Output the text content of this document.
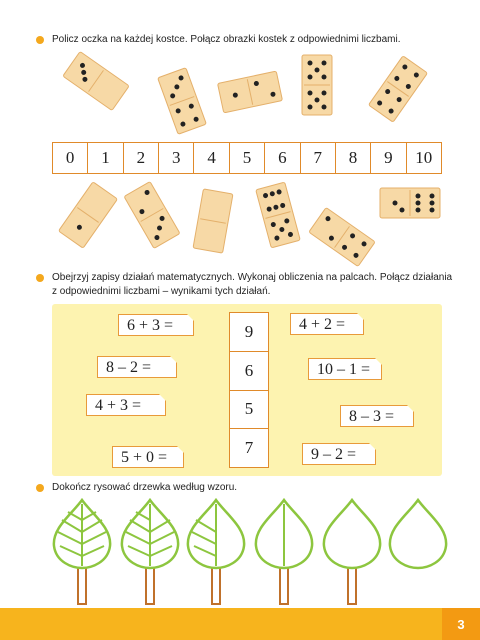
Policz oczka na każdej kostce. Połącz obrazki kostek z odpowiednimi liczbami.
0	1	2	3	4	5	6	7	8	9	10
Obejrzyj zapisy działań matematycznych. Wykonaj obliczenia na palcach. Połącz działania
z odpowiednimi liczbami – wynikami tych działań.
6 + 3 =
8 – 2 =
4 + 3 =
5 + 0 =
9
6
5
7
4 + 2 =
10 – 1 =
8 – 3 =
9 – 2 =
Dokończ rysować drzewka według wzoru.
3
